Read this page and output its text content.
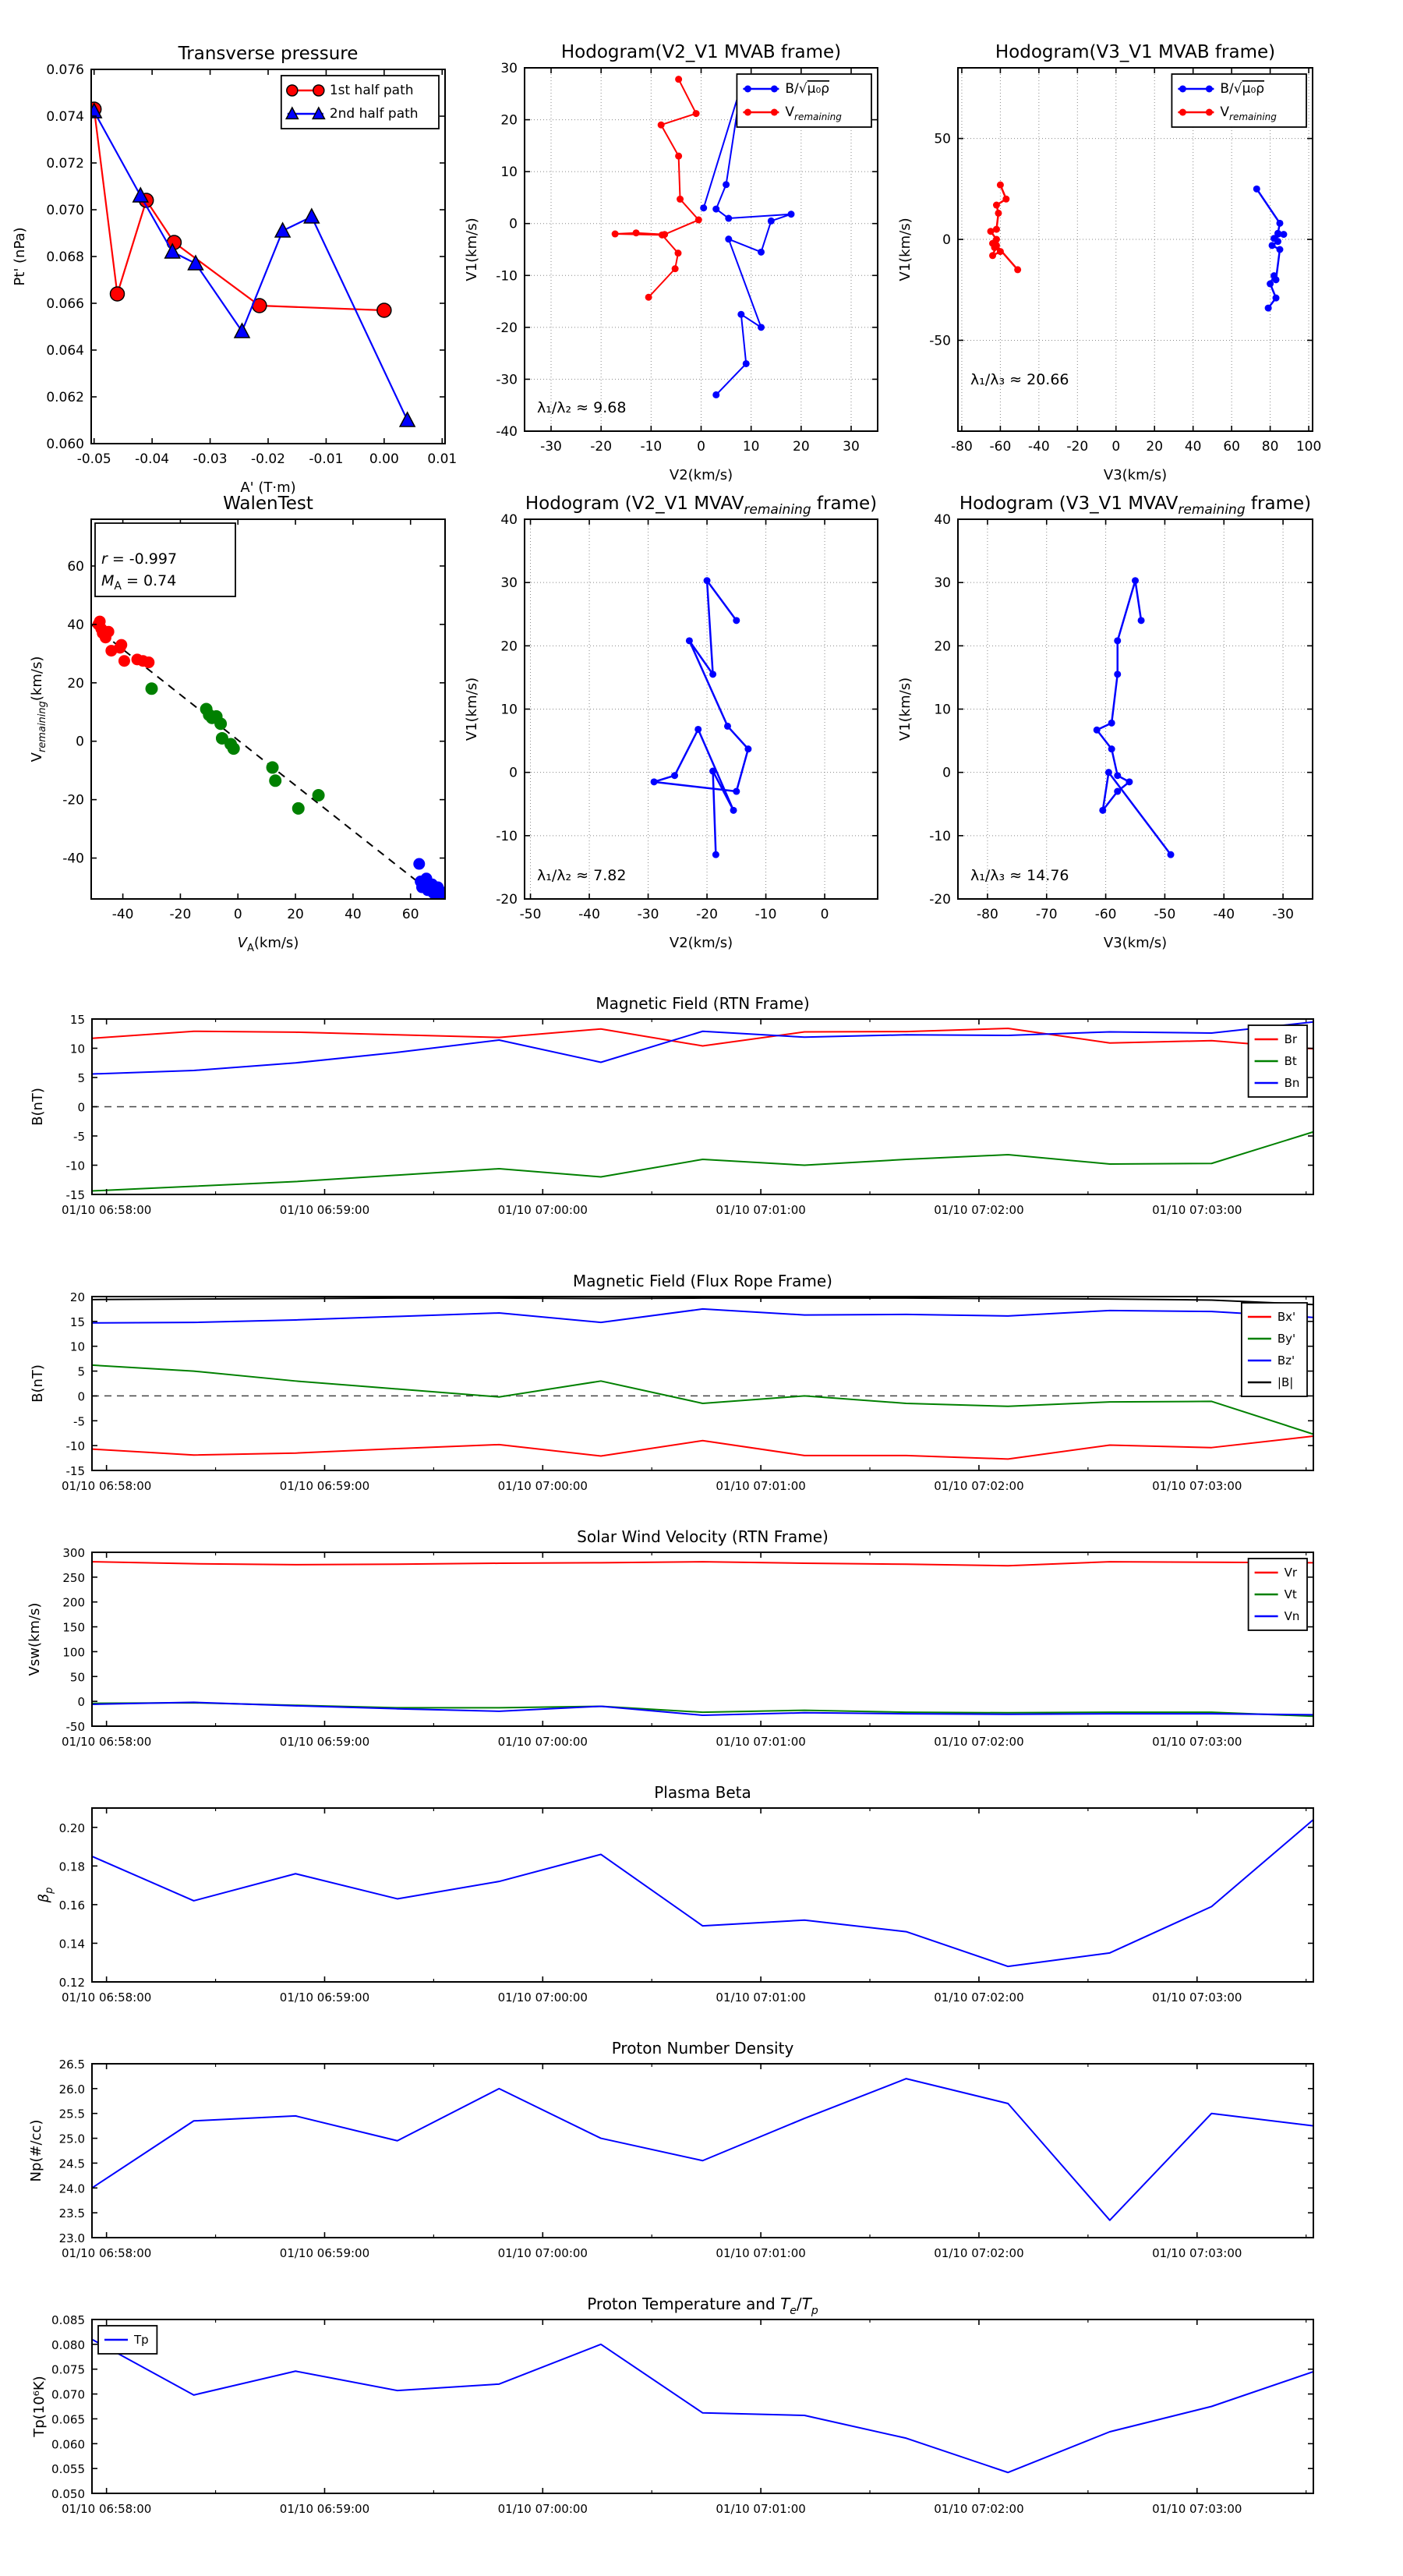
-0.05 -0.04 -0.03 -0.02 -0.01 0.00 0.01
0.060
0.062
0.064
0.066
0.068
0.070
0.072
0.074
0.076
Transverse pressure
A' (T·m)
Pt' (nPa)
1st half path
2nd half path
-30 -20 -10	0	10	20	30
-40
-30
-20
-10
0
10
20
30
Hodogram(V2_V1 MVAB frame)
V2(km/s)
V1(km/s)
λ₁/λ₂ ≈ 9.68
B/√μ₀ρ
$V_{remaining}$
-80 -60 -40 -20 0 20 40 60 80 100
-50
0
50
Hodogram(V3_V1 MVAB frame)
V3(km/s)
V1(km/s)
λ₁/λ₃ ≈ 20.66
B/√μ₀ρ
$V_{remaining}$
-40	-20	0	20	40	60
-40
-20
0
20
40
60
WalenTest
$V_A(km/s)$
$V_{remaining}(km/s)$
r = -0.997
$M_A = 0.74$
-50	-40	-30	-20	-10	0
-20
-10
0
10
20
30
40
Hodogram (V2_V1 $MVAV_{remaining}$ frame)
V2(km/s)
V1(km/s)
λ₁/λ₂ ≈ 7.82
-80	-70	-60	-50	-40	-30
-20
-10
0
10
20
30
40
Hodogram (V3_V1 $MVAV_{remaining}$ frame)
V3(km/s)
V1(km/s)
λ₁/λ₃ ≈ 14.76
01/10 06:58:00	01/10 06:59:00	01/10 07:00:00	01/10 07:01:00	01/10 07:02:00	01/10 07:03:00
-15
-10
-5
0
5
10
15
Magnetic Field (RTN Frame)
B(nT)
Br
Bt
Bn
01/10 06:58:00	01/10 06:59:00	01/10 07:00:00	01/10 07:01:00	01/10 07:02:00	01/10 07:03:00
-15
-10
-5
0
5
10
15
20
Magnetic Field (Flux Rope Frame)
B(nT)
Bx'
By'
Bz'
|B|
01/10 06:58:00	01/10 06:59:00	01/10 07:00:00	01/10 07:01:00	01/10 07:02:00	01/10 07:03:00
-50
0
50
100
150
200
250
300
Solar Wind Velocity (RTN Frame)
Vsw(km/s)
Vr
Vt
Vn
01/10 06:58:00	01/10 06:59:00	01/10 07:00:00	01/10 07:01:00	01/10 07:02:00	01/10 07:03:00
0.12
0.14
0.16
0.18
0.20
Plasma Beta
$\beta_p$
01/10 06:58:00	01/10 06:59:00	01/10 07:00:00	01/10 07:01:00	01/10 07:02:00	01/10 07:03:00
23.0
23.5
24.0
24.5
25.0
25.5
26.0
26.5
Proton Number Density
Np(#/cc)
01/10 06:58:00	01/10 06:59:00	01/10 07:00:00	01/10 07:01:00	01/10 07:02:00	01/10 07:03:00
0.050
0.055
0.060
0.065
0.070
0.075
0.080
0.085
Proton Temperature and $T_e/T_p$
Tp(10⁶K)
Tp
